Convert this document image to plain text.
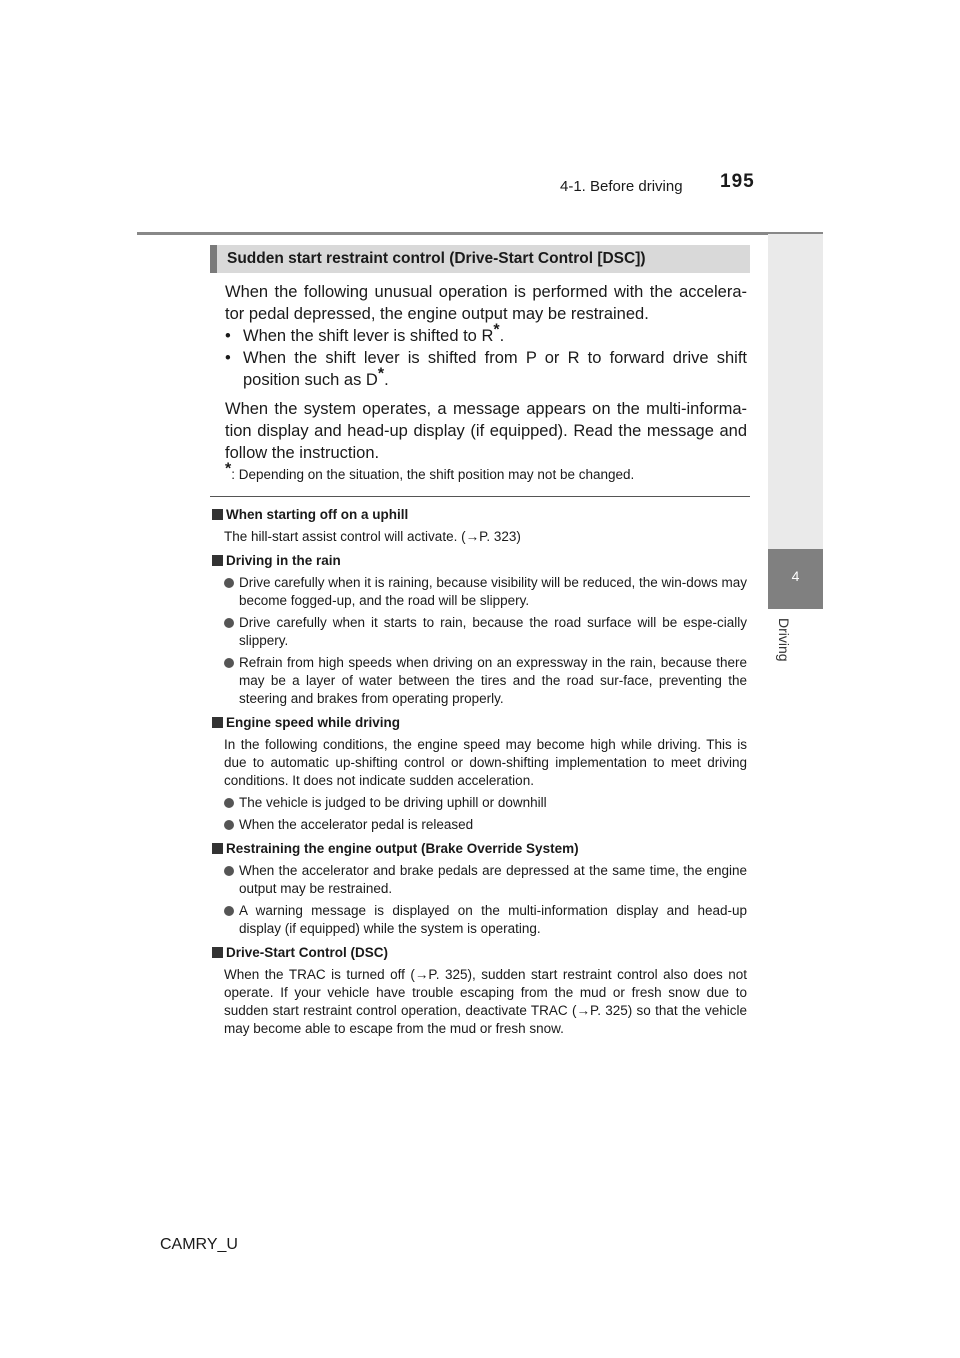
4-1. Before driving 195
4
Driving
Sudden start restraint control (Drive-Start Control [DSC])

When the following unusual operation is performed with the accelera-tor pedal depressed, the engine output may be restrained.

• When the shift lever is shifted to R*.

• When the shift lever is shifted from P or R to forward drive shift position such as D*.

When the system operates, a message appears on the multi-informa-tion display and head-up display (if equipped). Read the message and follow the instruction.

*: Depending on the situation, the shift position may not be changed.

When starting off on a uphill
The hill-start assist control will activate. (→P. 323)
Driving in the rain
Drive carefully when it is raining, because visibility will be reduced, the win-dows may become fogged-up, and the road will be slippery.
Drive carefully when it starts to rain, because the road surface will be espe-cially slippery.
Refrain from high speeds when driving on an expressway in the rain, because there may be a layer of water between the tires and the road sur-face, preventing the steering and brakes from operating properly.
Engine speed while driving
In the following conditions, the engine speed may become high while driving. This is due to automatic up-shifting control or down-shifting implementation to meet driving conditions. It does not indicate sudden acceleration.
The vehicle is judged to be driving uphill or downhill
When the accelerator pedal is released
Restraining the engine output (Brake Override System)
When the accelerator and brake pedals are depressed at the same time, the engine output may be restrained.
A warning message is displayed on the multi-information display and head-up display (if equipped) while the system is operating.
Drive-Start Control (DSC)
When the TRAC is turned off (→P. 325), sudden start restraint control also does not operate. If your vehicle have trouble escaping from the mud or fresh snow due to sudden start restraint control operation, deactivate TRAC (→P. 325) so that the vehicle may become able to escape from the mud or fresh snow.
CAMRY_U
